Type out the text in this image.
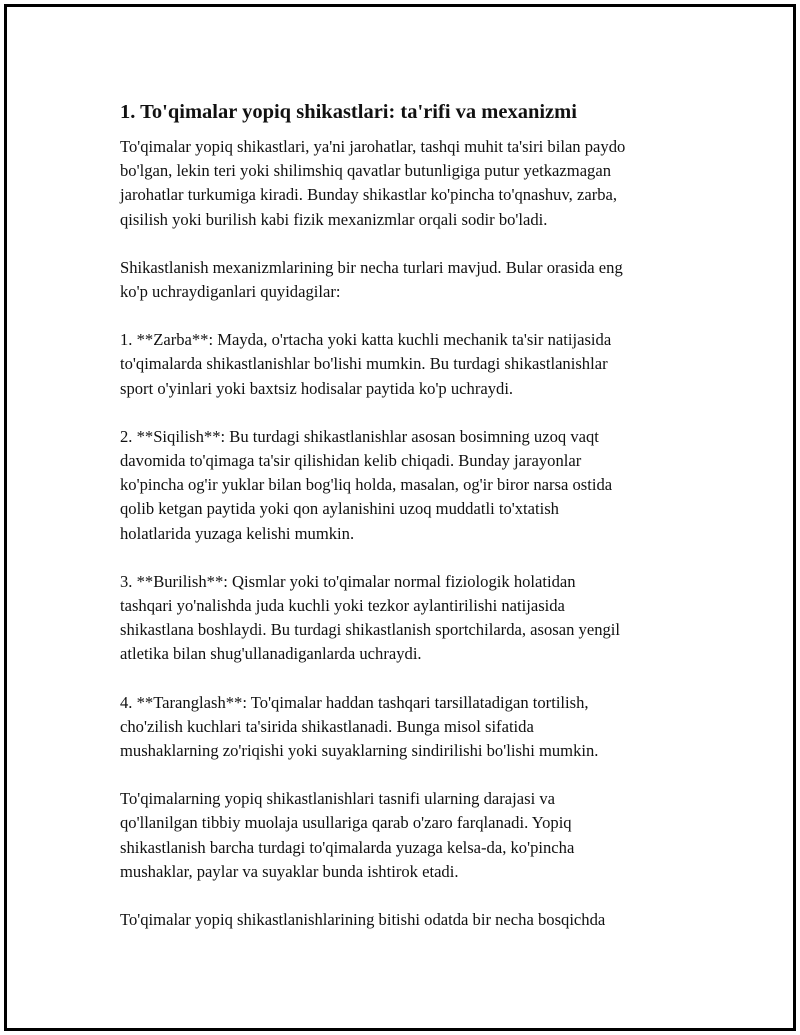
1. To'qimalar yopiq shikastlari: ta'rifi va mexanizmi

To'qimalar yopiq shikastlari, ya'ni jarohatlar, tashqi muhit ta'siri bilan paydo
bo'lgan, lekin teri yoki shilimshiq qavatlar butunligiga putur yetkazmagan
jarohatlar turkumiga kiradi. Bunday shikastlar ko'pincha to'qnashuv, zarba,
qisilish yoki burilish kabi fizik mexanizmlar orqali sodir bo'ladi.

Shikastlanish mexanizmlarining bir necha turlari mavjud. Bular orasida eng
ko'p uchraydiganlari quyidagilar:

1. **Zarba**: Mayda, o'rtacha yoki katta kuchli mechanik ta'sir natijasida
to'qimalarda shikastlanishlar bo'lishi mumkin. Bu turdagi shikastlanishlar
sport o'yinlari yoki baxtsiz hodisalar paytida ko'p uchraydi.

2. **Siqilish**: Bu turdagi shikastlanishlar asosan bosimning uzoq vaqt
davomida to'qimaga ta'sir qilishidan kelib chiqadi. Bunday jarayonlar
ko'pincha og'ir yuklar bilan bog'liq holda, masalan, og'ir biror narsa ostida
qolib ketgan paytida yoki qon aylanishini uzoq muddatli to'xtatish
holatlarida yuzaga kelishi mumkin.

3. **Burilish**: Qismlar yoki to'qimalar normal fiziologik holatidan
tashqari yo'nalishda juda kuchli yoki tezkor aylantirilishi natijasida
shikastlana boshlaydi. Bu turdagi shikastlanish sportchilarda, asosan yengil
atletika bilan shug'ullanadiganlarda uchraydi.

4. **Taranglash**: To'qimalar haddan tashqari tarsillatadigan tortilish,
cho'zilish kuchlari ta'sirida shikastlanadi. Bunga misol sifatida
mushaklarning zo'riqishi yoki suyaklarning sindirilishi bo'lishi mumkin.

To'qimalarning yopiq shikastlanishlari tasnifi ularning darajasi va
qo'llanilgan tibbiy muolaja usullariga qarab o'zaro farqlanadi. Yopiq
shikastlanish barcha turdagi to'qimalarda yuzaga kelsa-da, ko'pincha
mushaklar, paylar va suyaklar bunda ishtirok etadi.

To'qimalar yopiq shikastlanishlarining bitishi odatda bir necha bosqichda
